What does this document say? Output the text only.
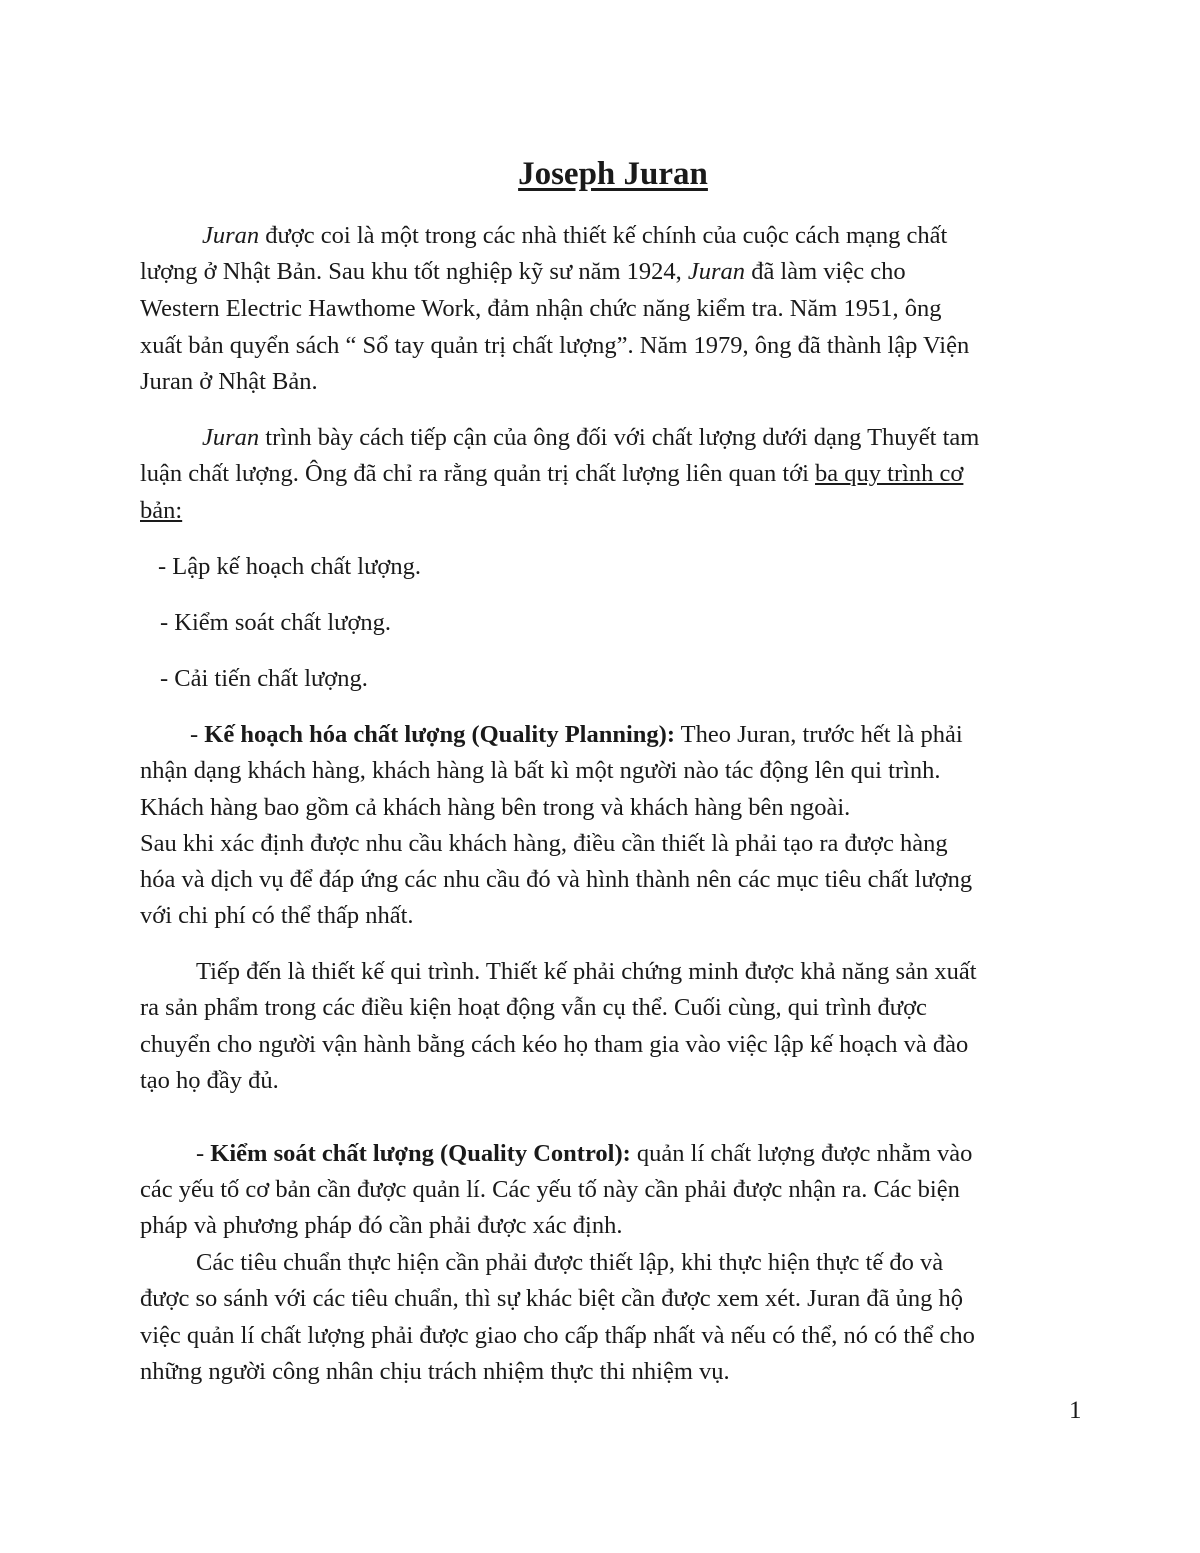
Joseph Juran
Juran được coi là một trong các nhà thiết kế chính của cuộc cách mạng chất
lượng ở Nhật Bản. Sau khu tốt nghiệp kỹ sư năm 1924, Juran đã làm việc cho
Western Electric Hawthome Work, đảm nhận chức năng kiểm tra. Năm 1951, ông
xuất bản quyển sách “ Sổ tay quản trị chất lượng”. Năm 1979, ông đã thành lập Viện
Juran ở Nhật Bản.
Juran trình bày cách tiếp cận của ông đối với chất lượng dưới dạng Thuyết tam
luận chất lượng. Ông đã chỉ ra rằng quản trị chất lượng liên quan tới ba quy trình cơ
bản:
- Lập kế hoạch chất lượng.
- Kiểm soát chất lượng.
- Cải tiến chất lượng.
- Kế hoạch hóa chất lượng (Quality Planning): Theo Juran, trước hết là phải
nhận dạng khách hàng, khách hàng là bất kì một người nào tác động lên qui trình.
Khách hàng bao gồm cả khách hàng bên trong và khách hàng bên ngoài.
Sau khi xác định được nhu cầu khách hàng, điều cần thiết là phải tạo ra được hàng
hóa và dịch vụ để đáp ứng các nhu cầu đó và hình thành nên các mục tiêu chất lượng
với chi phí có thể thấp nhất.
Tiếp đến là thiết kế qui trình. Thiết kế phải chứng minh được khả năng sản xuất
ra sản phẩm trong các điều kiện hoạt động vẫn cụ thể. Cuối cùng, qui trình được
chuyển cho người vận hành bằng cách kéo họ tham gia vào việc lập kế hoạch và đào
tạo họ đầy đủ.
- Kiểm soát chất lượng (Quality Control): quản lí chất lượng được nhằm vào
các yếu tố cơ bản cần được quản lí. Các yếu tố này cần phải được nhận ra. Các biện
pháp và phương pháp đó cần phải được xác định.
Các tiêu chuẩn thực hiện cần phải được thiết lập, khi thực hiện thực tế đo và
được so sánh với các tiêu chuẩn, thì sự khác biệt cần được xem xét. Juran đã ủng hộ
việc quản lí chất lượng phải được giao cho cấp thấp nhất và nếu có thể, nó có thể cho
những người công nhân chịu trách nhiệm thực thi nhiệm vụ.
1
